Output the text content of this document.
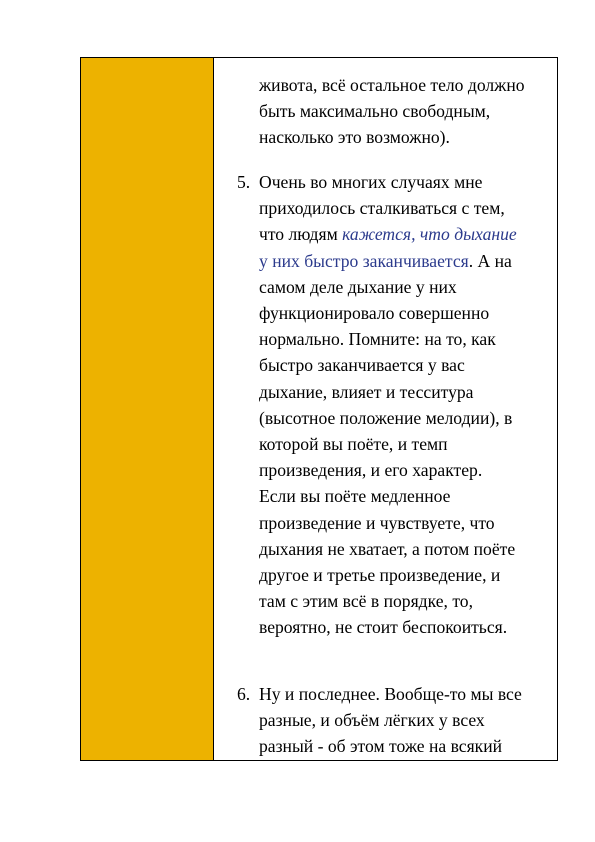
живота, всё остальное тело должно
быть максимально свободным,
насколько это возможно).
5. Очень во многих случаях мне
приходилось сталкиваться с тем,
что людям кажется, что дыхание
у них быстро заканчивается. А на
самом деле дыхание у них
функционировало совершенно
нормально. Помните: на то, как
быстро заканчивается у вас
дыхание, влияет и тесситура
(высотное положение мелодии), в
которой вы поёте, и темп
произведения, и его характер.
Если вы поёте медленное
произведение и чувствуете, что
дыхания не хватает, а потом поёте
другое и третье произведение, и
там с этим всё в порядке, то,
вероятно, не стоит беспокоиться.
6. Ну и последнее. Вообще-то мы все
разные, и объём лёгких у всех
разный - об этом тоже на всякий
